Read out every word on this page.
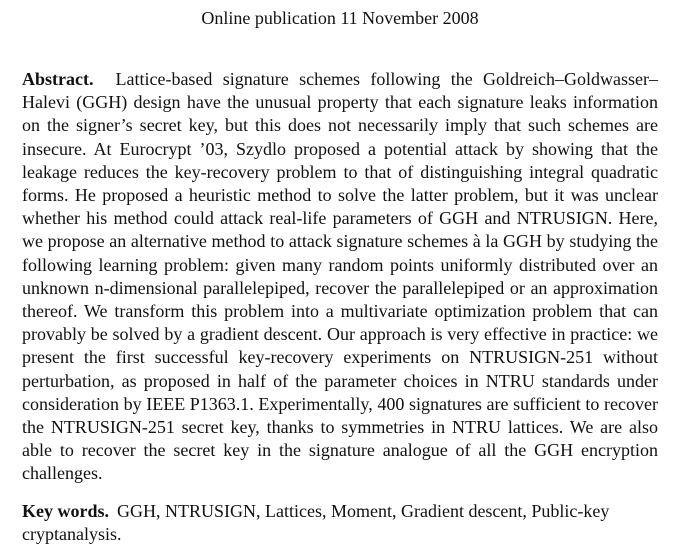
Online publication 11 November 2008

Abstract. Lattice-based signature schemes following the Goldreich–Goldwasser–Halevi (GGH) design have the unusual property that each signature leaks information on the signer’s secret key, but this does not necessarily imply that such schemes are insecure. At Eurocrypt ’03, Szydlo proposed a potential attack by showing that the leakage reduces the key-recovery problem to that of distinguishing integral quadratic forms. He proposed a heuristic method to solve the latter problem, but it was unclear whether his method could attack real-life parameters of GGH and NTRUSIGN. Here, we propose an alternative method to attack signature schemes à la GGH by studying the following learning problem: given many random points uniformly distributed over an unknown n-dimensional parallelepiped, recover the parallelepiped or an approximation thereof. We transform this problem into a multivariate optimization problem that can provably be solved by a gradient descent. Our approach is very effective in practice: we present the first successful key-recovery experiments on NTRUSIGN-251 without perturbation, as proposed in half of the parameter choices in NTRU standards under consideration by IEEE P1363.1. Experimentally, 400 signatures are sufficient to recover the NTRUSIGN-251 secret key, thanks to symmetries in NTRU lattices. We are also able to recover the secret key in the signature analogue of all the GGH encryption challenges.

Key words. GGH, NTRUSIGN, Lattices, Moment, Gradient descent, Public-key cryptanalysis.
